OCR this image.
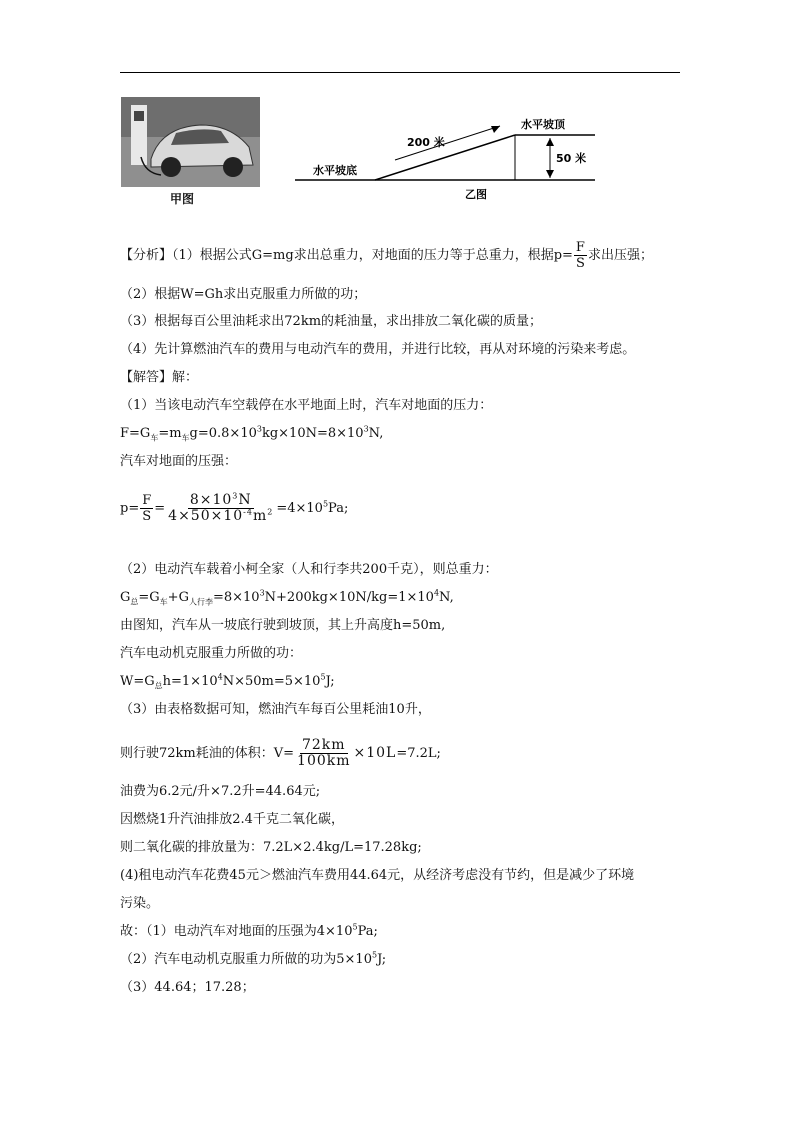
甲图
200 米
水平坡顶
水平坡底
50 米
乙图
【分析】（1）根据公式G=mg求出总重力，对地面的压力等于总重力，根据$p= \frac{F}{S}$ 求出压强；
（2）根据W=Gh求出克服重力所做的功；
（3）根据每百公里油耗求出72km的耗油量，求出排放二氧化碳的质量；
（4）先计算燃油汽车的费用与电动汽车的费用，并进行比较，再从对环境的污染来考虑。
【解答】解：
（1）当该电动汽车空载停在水平地面上时，汽车对地面的压力：
$F=G_车=m_车g=0.8\times 10^3kg\times 10N=8\times 10^3N$,
汽车对地面的压强：
$p= \frac{F}{S} = \frac{8\times 10^3N}{4\times 50\times 10^{-4}m^2} =4\times 10^5Pa$;
（2）电动汽车载着小柯全家（人和行李共200千克），则总重力：
$G_总=G_车+G_{人行李}=8\times 10^3N+200kg\times 10N/kg=1\times 10^4N$,
由图知，汽车从一坡底行驶到坡顶，其上升高度h=50m,
汽车电动机克服重力所做的功：
$W=G_总h=1\times 10^4N\times 50m=5\times 10^5J$;
（3）由表格数据可知，燃油汽车每百公里耗油10升，
则行驶72km耗油的体积：$V= \frac{72km}{100km} \times 10L=7.2L$;
油费为6.2元/升×7.2升=44.64元;
因燃烧1升汽油排放2.4千克二氧化碳，
则二氧化碳的排放量为：7.2L×2.4kg/L=17.28kg;
(4)租电动汽车花费45元＞燃油汽车费用44.64元，从经济考虑没有节约，但是减少了环境
污染。
故：（1）电动汽车对地面的压强为$4\times 10^5Pa$;
（2）汽车电动机克服重力所做的功为$5\times 10^5J$;
（3）44.64；17.28；
